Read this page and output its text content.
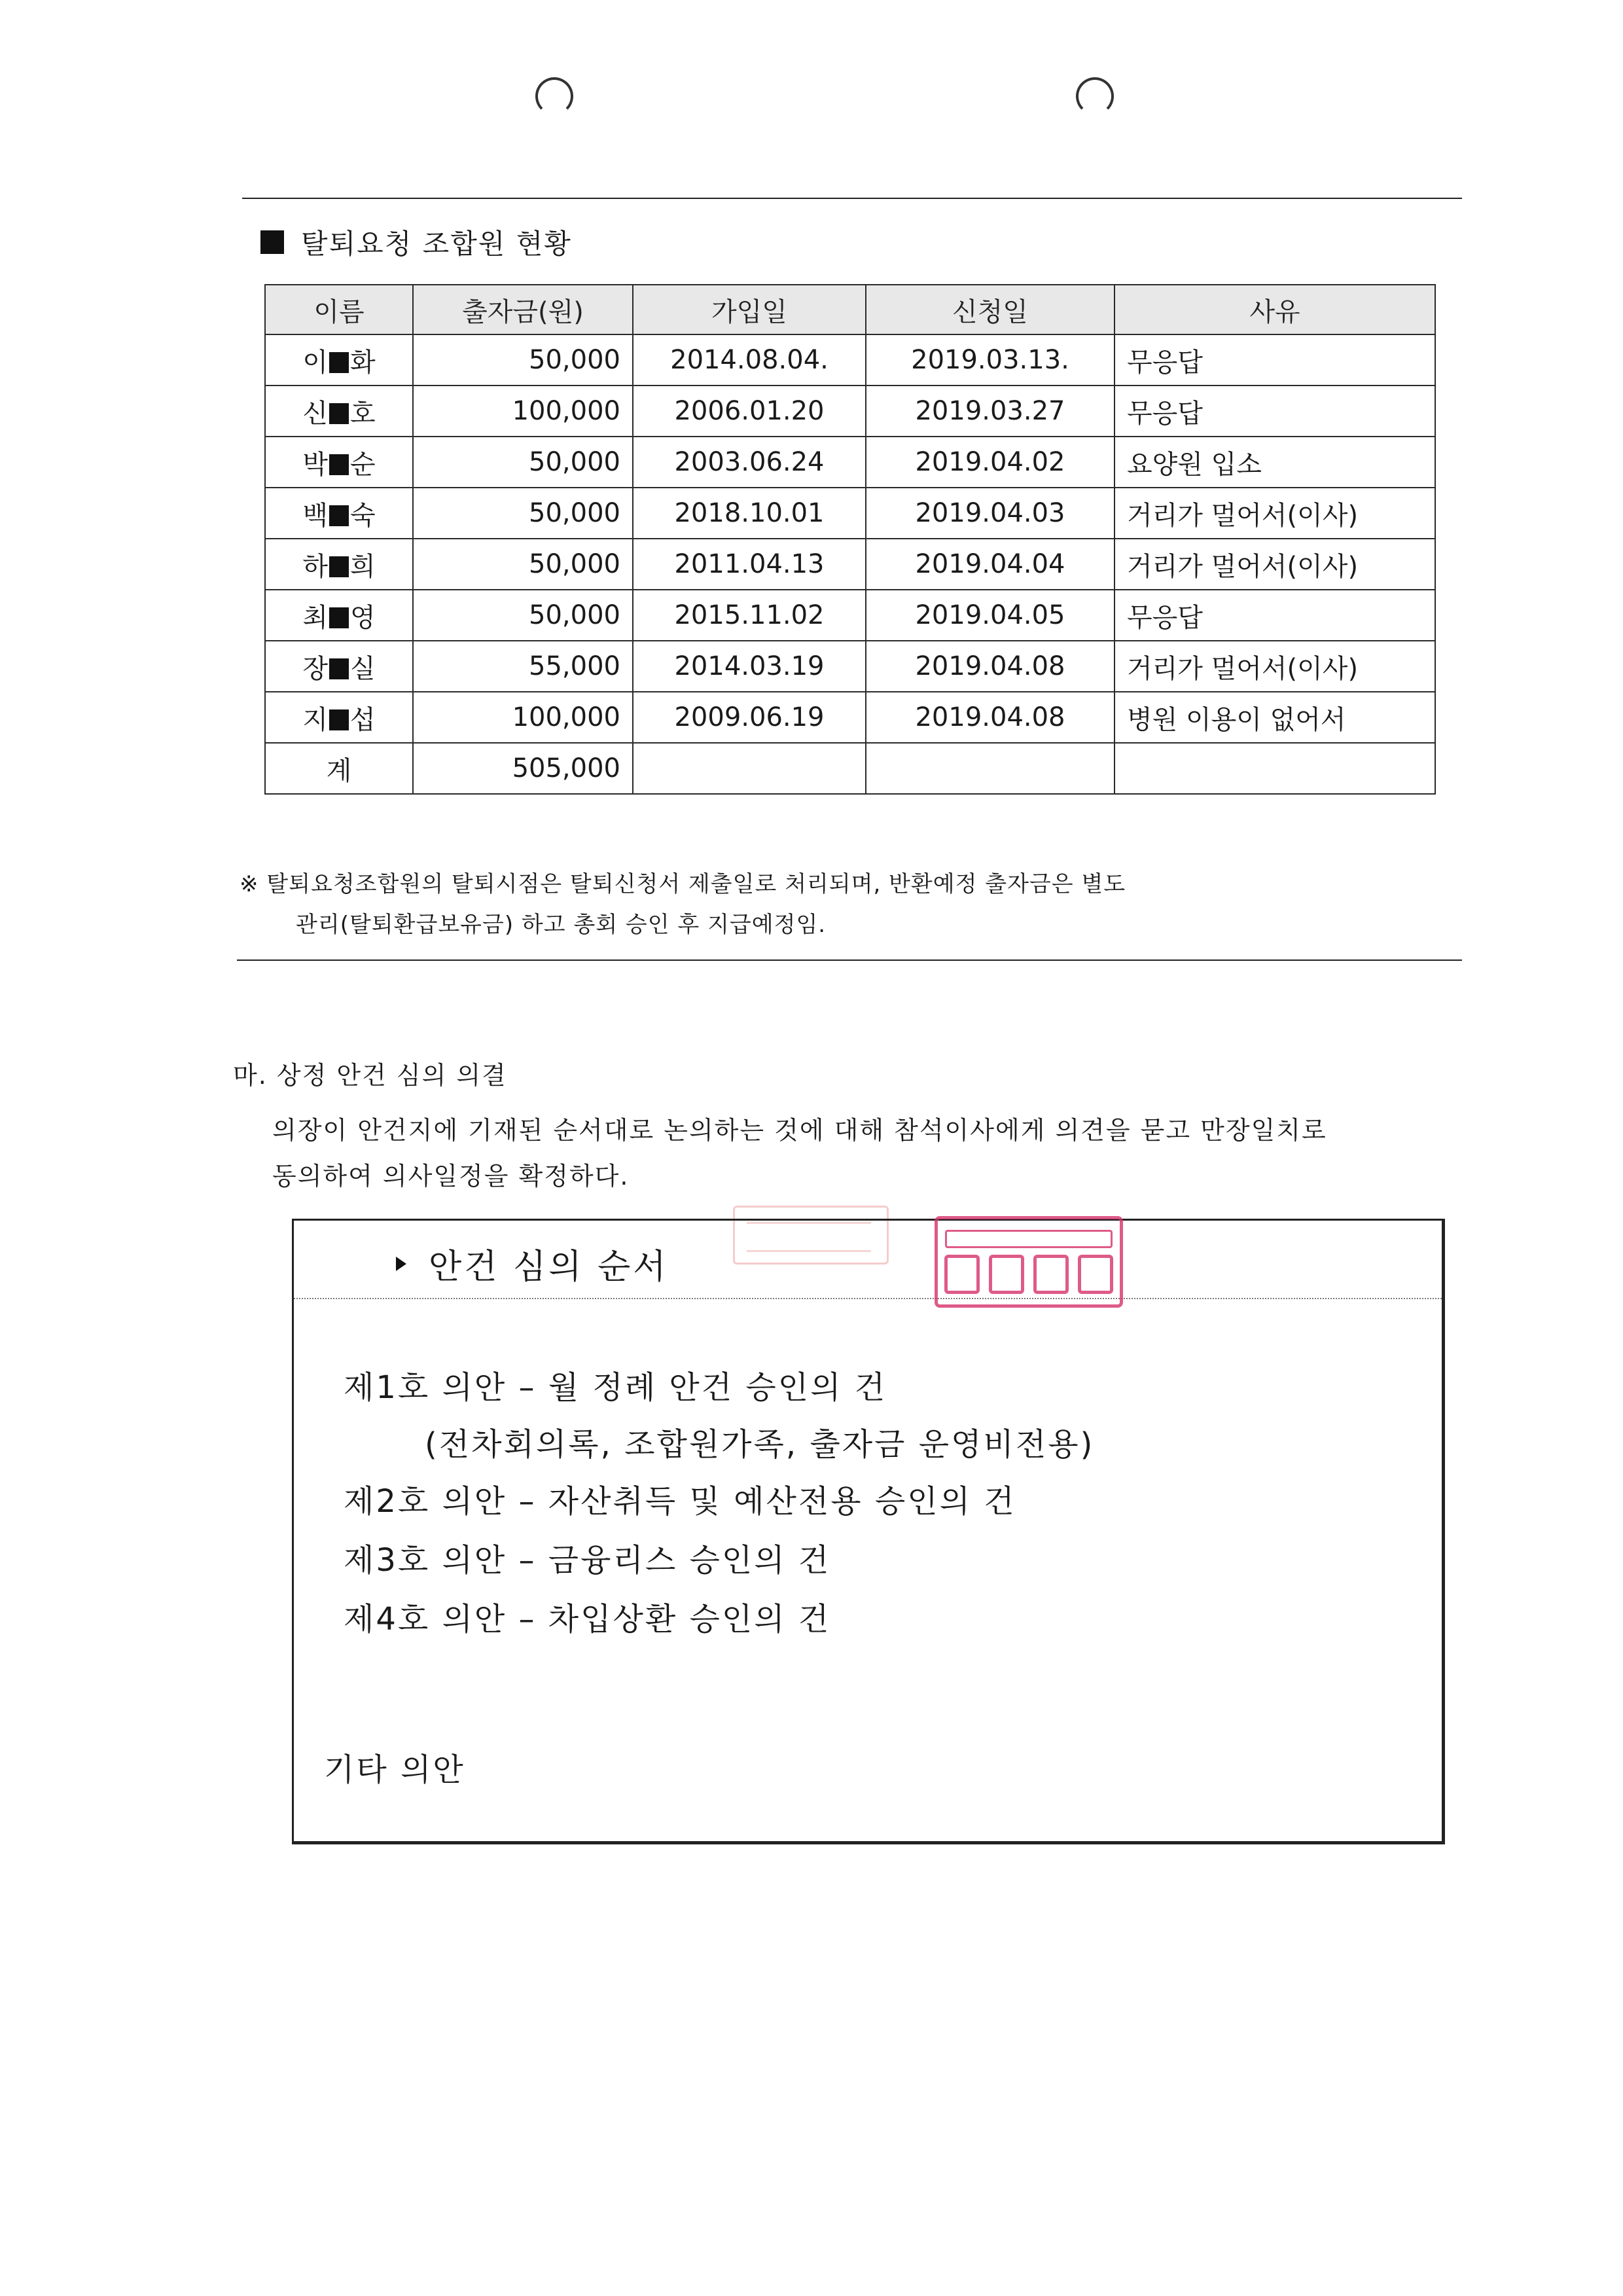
탈퇴요청 조합원 현황
이름	출자금(원)	가입일	신청일	사유
이 화	50,000	2014.08.04.	2019.03.13.	무응답
신 호	100,000	2006.01.20	2019.03.27	무응답
박 순	50,000	2003.06.24	2019.04.02	요양원 입소
백 숙	50,000	2018.10.01	2019.04.03	거리가 멀어서(이사)
하 희	50,000	2011.04.13	2019.04.04	거리가 멀어서(이사)
최 영	50,000	2015.11.02	2019.04.05	무응답
장 실	55,000	2014.03.19	2019.04.08	거리가 멀어서(이사)
지 섭	100,000	2009.06.19	2019.04.08	병원 이용이 없어서
계	505,000			
※ 탈퇴요청조합원의 탈퇴시점은 탈퇴신청서 제출일로 처리되며, 반환예정 출자금은 별도
관리(탈퇴환급보유금) 하고 총회 승인 후 지급예정임.
마. 상정 안건 심의 의결
의장이 안건지에 기재된 순서대로 논의하는 것에 대해 참석이사에게 의견을 묻고 만장일치로
동의하여 의사일정을 확정하다.
안건 심의 순서
제1호 의안 – 월 정례 안건 승인의 건
(전차회의록, 조합원가족, 출자금 운영비전용)
제2호 의안 – 자산취득 및 예산전용 승인의 건
제3호 의안 – 금융리스 승인의 건
제4호 의안 – 차입상환 승인의 건
기타 의안
